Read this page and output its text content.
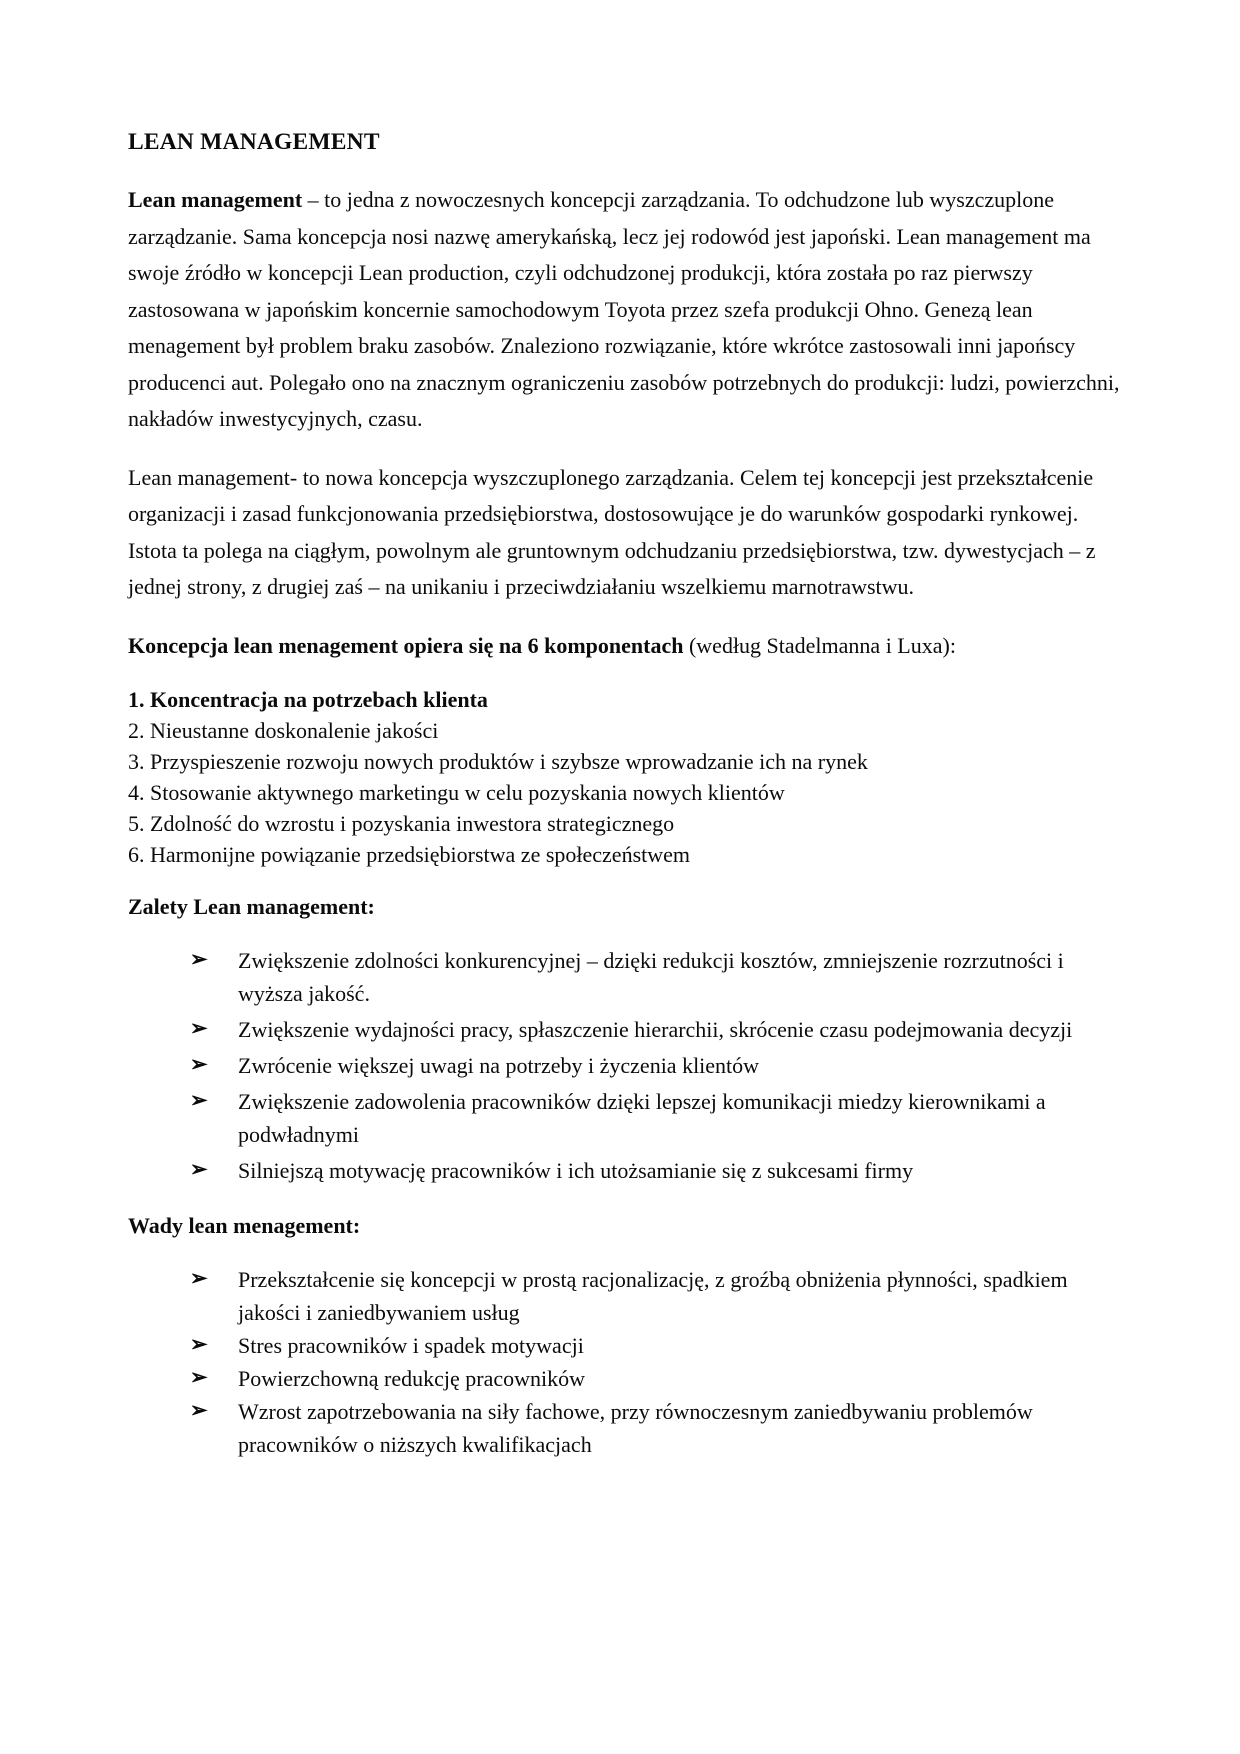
LEAN MANAGEMENT

Lean management – to jedna z nowoczesnych koncepcji zarządzania. To odchudzone lub wyszczuplone zarządzanie. Sama koncepcja nosi nazwę amerykańską, lecz jej rodowód jest japoński. Lean management ma swoje źródło w koncepcji Lean production, czyli odchudzonej produkcji, która została po raz pierwszy zastosowana w japońskim koncernie samochodowym Toyota przez szefa produkcji Ohno. Genezą lean menagement był problem braku zasobów. Znaleziono rozwiązanie, które wkrótce zastosowali inni japońscy producenci aut. Polegało ono na znacznym ograniczeniu zasobów potrzebnych do produkcji: ludzi, powierzchni, nakładów inwestycyjnych, czasu.

Lean management- to nowa koncepcja wyszczuplonego zarządzania. Celem tej koncepcji jest przekształcenie organizacji i zasad funkcjonowania przedsiębiorstwa, dostosowujące je do warunków gospodarki rynkowej. Istota ta polega na ciągłym, powolnym ale gruntownym odchudzaniu przedsiębiorstwa, tzw. dywestycjach – z jednej strony, z drugiej zaś – na unikaniu i przeciwdziałaniu wszelkiemu marnotrawstwu.

Koncepcja lean menagement opiera się na 6 komponentach (według Stadelmanna i Luxa):

1. Koncentracja na potrzebach klienta
2. Nieustanne doskonalenie jakości
3. Przyspieszenie rozwoju nowych produktów i szybsze wprowadzanie ich na rynek
4. Stosowanie aktywnego marketingu w celu pozyskania nowych klientów
5. Zdolność do wzrostu i pozyskania inwestora strategicznego
6. Harmonijne powiązanie przedsiębiorstwa ze społeczeństwem

Zalety Lean management:

➢ Zwiększenie zdolności konkurencyjnej – dzięki redukcji kosztów, zmniejszenie rozrzutności i wyższa jakość.
➢ Zwiększenie wydajności pracy, spłaszczenie hierarchii, skrócenie czasu podejmowania decyzji
➢ Zwrócenie większej uwagi na potrzeby i życzenia klientów
➢ Zwiększenie zadowolenia pracowników dzięki lepszej komunikacji miedzy kierownikami a podwładnymi
➢ Silniejszą motywację pracowników i ich utożsamianie się z sukcesami firmy

Wady lean menagement:

➢ Przekształcenie się koncepcji w prostą racjonalizację, z groźbą obniżenia płynności, spadkiem jakości i zaniedbywaniem usług
➢ Stres pracowników i spadek motywacji
➢ Powierzchowną redukcję pracowników
➢ Wzrost zapotrzebowania na siły fachowe, przy równoczesnym zaniedbywaniu problemów pracowników o niższych kwalifikacjach
